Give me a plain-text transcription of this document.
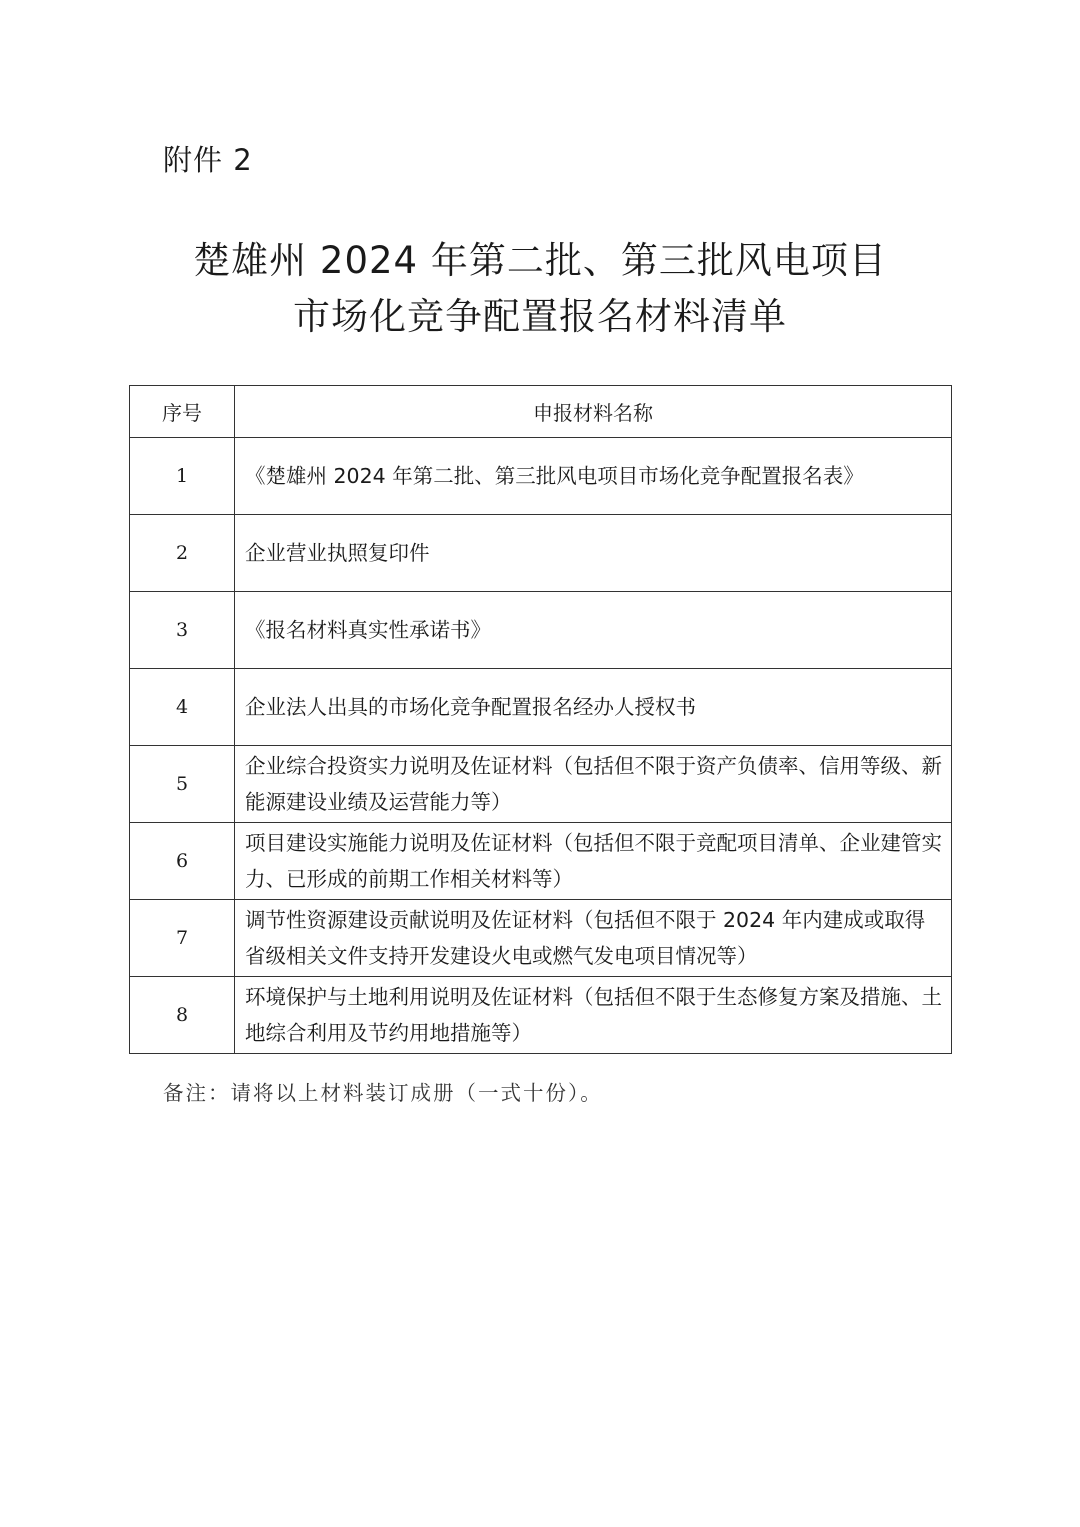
附件 2
楚雄州 2024 年第二批、第三批风电项目
市场化竞争配置报名材料清单
序号	申报材料名称
1	《楚雄州 2024 年第二批、第三批风电项目市场化竞争配置报名表》
2	企业营业执照复印件
3	《报名材料真实性承诺书》
4	企业法人出具的市场化竞争配置报名经办人授权书
5	企业综合投资实力说明及佐证材料（包括但不限于资产负债率、信用等级、新能源建设业绩及运营能力等）
6	项目建设实施能力说明及佐证材料（包括但不限于竞配项目清单、企业建管实力、已形成的前期工作相关材料等）
7	调节性资源建设贡献说明及佐证材料（包括但不限于 2024 年内建成或取得省级相关文件支持开发建设火电或燃气发电项目情况等）
8	环境保护与土地利用说明及佐证材料（包括但不限于生态修复方案及措施、土地综合利用及节约用地措施等）
备注：请将以上材料装订成册（一式十份）。
